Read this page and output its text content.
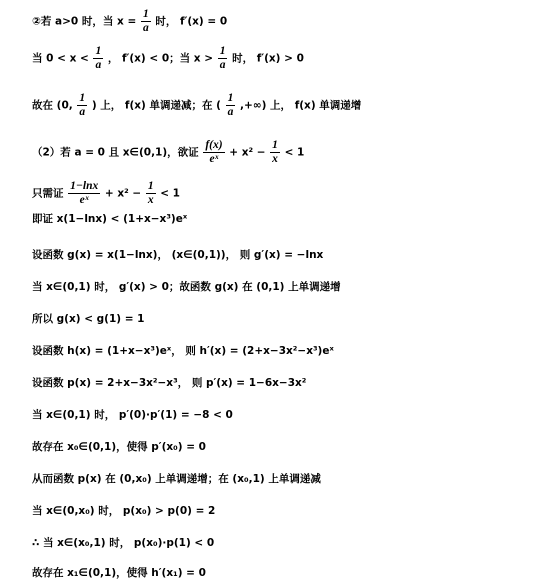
②若 a>0 时，当 $x = \frac{1}{a}$ 时， f′(x) = 0
当 $0 < x < \frac{1}{a}$ ， f′(x) < 0；当 $x > \frac{1}{a}$ 时， f′(x) > 0
故在 (0, $\frac{1}{a}$ ) 上， f(x) 单调递减；在 ( $\frac{1}{a}$ ,+∞) 上， f(x) 单调递增
（2）若 a = 0 且 x∈(0,1)，欲证 $\frac{f(x)}{\text{eˣ}} + x^2 - \frac{1}{x} < 1$
只需证 $\frac{1-\ln x}{\text{eˣ}} + x^2 - \frac{1}{x} < 1$
即证 x(1−lnx) < (1+x−x³)eˣ
设函数 g(x) = x(1−lnx)， (x∈(0,1))， 则 g′(x) = −lnx
当 x∈(0,1) 时， g′(x) > 0；故函数 g(x) 在 (0,1) 上单调递增
所以 g(x) < g(1) = 1
设函数 h(x) = (1+x−x³)eˣ， 则 h′(x) = (2+x−3x²−x³)eˣ
设函数 p(x) = 2+x−3x²−x³， 则 p′(x) = 1−6x−3x²
当 x∈(0,1) 时， p′(0)·p′(1) = −8 < 0
故存在 x₀∈(0,1)，使得 p′(x₀) = 0
从而函数 p(x) 在 (0,x₀) 上单调递增；在 (x₀,1) 上单调递减
当 x∈(0,x₀) 时， p(x₀) > p(0) = 2
∴ 当 x∈(x₀,1) 时， p(x₀)·p(1) < 0
故存在 x₁∈(0,1)，使得 h′(x₁) = 0
